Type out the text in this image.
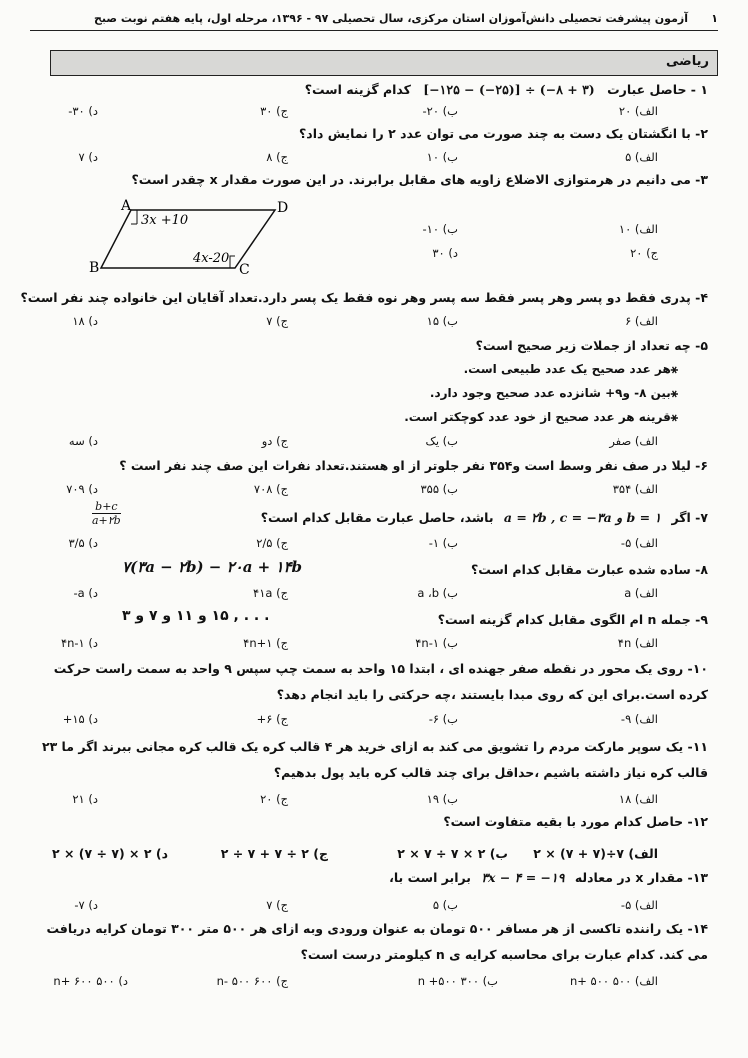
۱
آزمون پیشرفت تحصیلی دانش‌آموزان استان مرکزی، سال تحصیلی ۹۷ - ۱۳۹۶، مرحله اول، پایه هفتم نوبت صبح
ریاضی
۱ - حاصل عبارت [−۱۲۵ − (−۲۵)] ÷ (−۸ + ۳) کدام گزینه است؟
الف) ۲۰
ب) ۲۰-
ج) ۳۰
د) ۳۰-
۲- با انگشتان یک دست به چند صورت می توان عدد ۲ را نمایش داد؟
الف) ۵
ب) ۱۰
ج) ۸
د) ۷
۳- می دانیم در هرمتوازی الاضلاع زاویه های مقابل برابرند. در این صورت مقدار x چقدر است؟
A	D
B	C
3x +10
4x-20
الف) ۱۰
ب) ۱۰-
ج) ۲۰
د) ۳۰
۴- پدری فقط دو پسر وهر پسر فقط سه پسر وهر نوه فقط یک پسر دارد.تعداد آقایان این خانواده چند نفر است؟
الف) ۶
ب) ۱۵
ج) ۷
د) ۱۸
۵- چه تعداد از جملات زیر صحیح است؟
⚹هر عدد صحیح یک عدد طبیعی است.
⚹بین ۸- و۹+ شانزده عدد صحیح وجود دارد.
⚹قرینه هر عدد صحیح از خود عدد کوچکتر است.
الف) صفر
ب) یک
ج) دو
د) سه
۶- لیلا در صف نفر وسط است و۳۵۴ نفر جلوتر از او هستند.تعداد نفرات این صف چند نفر است ؟
الف) ۳۵۴
ب) ۳۵۵
ج) ۷۰۸
د) ۷۰۹
$\frac{b+c}{a+۲b}$	۷- اگر a = ۲b , c = −۳a و b = ۱ باشد، حاصل عبارت مقابل کدام است؟
الف) ۵-
ب) ۱-
ج) ۲/۵
د) ۳/۵
۷(۳a − ۲b) − ۲۰a + ۱۴b	۸- ساده شده عبارت مقابل کدام است؟
الف) a
ب) a ،b
ج) ۴۱a
د) a-
۹- جمله n ام الگوی مقابل کدام گزینه است؟
. . . , ۱۵ و ۱۱ و ۷ و ۳
الف) ۴n
ب) ۴n-۱
ج) ۴n+۱
د) ۴n-۱
۱۰- روی یک محور در نقطه صفر جهنده ای ، ابتدا ۱۵ واحد به سمت چپ سپس ۹ واحد به سمت راست حرکت کرده است.برای این که روی مبدا بایستند ،چه حرکتی را باید انجام دهد؟
الف) ۹-
ب) ۶-
ج) ۶+
د) ۱۵+
۱۱- یک سوپر مارکت مردم را تشویق می کند به ازای خرید هر ۴ قالب کره یک قالب کره مجانی ببرند اگر ما ۲۳ قالب کره نیاز داشته باشیم ،حداقل برای چند قالب کره باید پول بدهیم؟
الف) ۱۸
ب) ۱۹
ج) ۲۰
د) ۲۱
۱۲- حاصل کدام مورد با بقیه متفاوت است؟
الف) ۷÷(۷ + ۷) × ۲
ب) ۲ × ۷ ÷ ۷ × ۲
ج) ۲ ÷ ۷ + ۷ ÷ ۲
د) ۲ × (۷ ÷ ۷) × ۲
۱۳- مقدار x در معادله ۳x − ۴ = −۱۹ برابر است با،
الف) ۵-
ب) ۵
ج) ۷
د) ۷-
۱۴- یک راننده تاکسی از هر مسافر ۵۰۰ تومان به عنوان ورودی وبه ازای هر ۵۰۰ متر ۳۰۰ تومان کرایه دریافت می کند. کدام عبارت برای محاسبه کرایه ی n کیلومتر درست است؟
الف) ۵۰۰ n+ ۵۰۰
ب) ۳۰۰ n +۵۰۰
ج) ۶۰۰ n- ۵۰۰
د) ۵۰۰ n+ ۶۰۰
